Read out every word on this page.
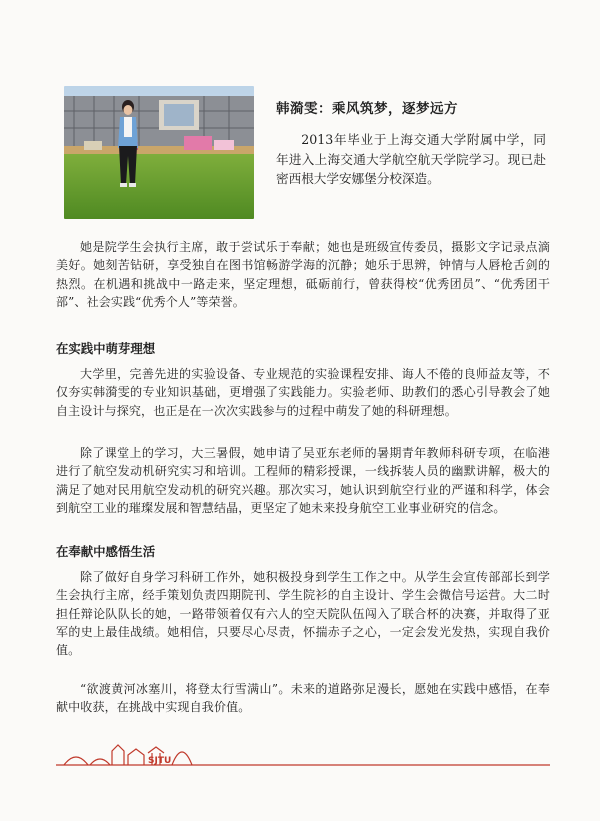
韩漪雯：乘风筑梦，逐梦远方

2013年毕业于上海交通大学附属中学，同年进入上海交通大学航空航天学院学习。现已赴密西根大学安娜堡分校深造。

她是院学生会执行主席，敢于尝试乐于奉献；她也是班级宣传委员，摄影文字记录点滴美好。她刻苦钻研，享受独自在图书馆畅游学海的沉静；她乐于思辨，钟情与人唇枪舌剑的热烈。在机遇和挑战中一路走来，坚定理想，砥砺前行，曾获得校“优秀团员”、“优秀团干部”、社会实践“优秀个人”等荣誉。

在实践中萌芽理想

大学里，完善先进的实验设备、专业规范的实验课程安排、诲人不倦的良师益友等，不仅夯实韩漪雯的专业知识基础，更增强了实践能力。实验老师、助教们的悉心引导教会了她自主设计与探究，也正是在一次次实践参与的过程中萌发了她的科研理想。

除了课堂上的学习，大三暑假，她申请了吴亚东老师的暑期青年教师科研专项，在临港进行了航空发动机研究实习和培训。工程师的精彩授课，一线拆装人员的幽默讲解，极大的满足了她对民用航空发动机的研究兴趣。那次实习，她认识到航空行业的严谨和科学，体会到航空工业的璀璨发展和智慧结晶，更坚定了她未来投身航空工业事业研究的信念。

在奉献中感悟生活

除了做好自身学习科研工作外，她积极投身到学生工作之中。从学生会宣传部部长到学生会执行主席，经手策划负责四期院刊、学生院衫的自主设计、学生会微信号运营。大二时担任辩论队队长的她，一路带领着仅有六人的空天院队伍闯入了联合杯的决赛，并取得了亚军的史上最佳战绩。她相信，只要尽心尽责，怀揣赤子之心，一定会发光发热，实现自我价值。

“欲渡黄河冰塞川，将登太行雪满山”。未来的道路弥足漫长，愿她在实践中感悟，在奉献中收获，在挑战中实现自我价值。

SJTU
